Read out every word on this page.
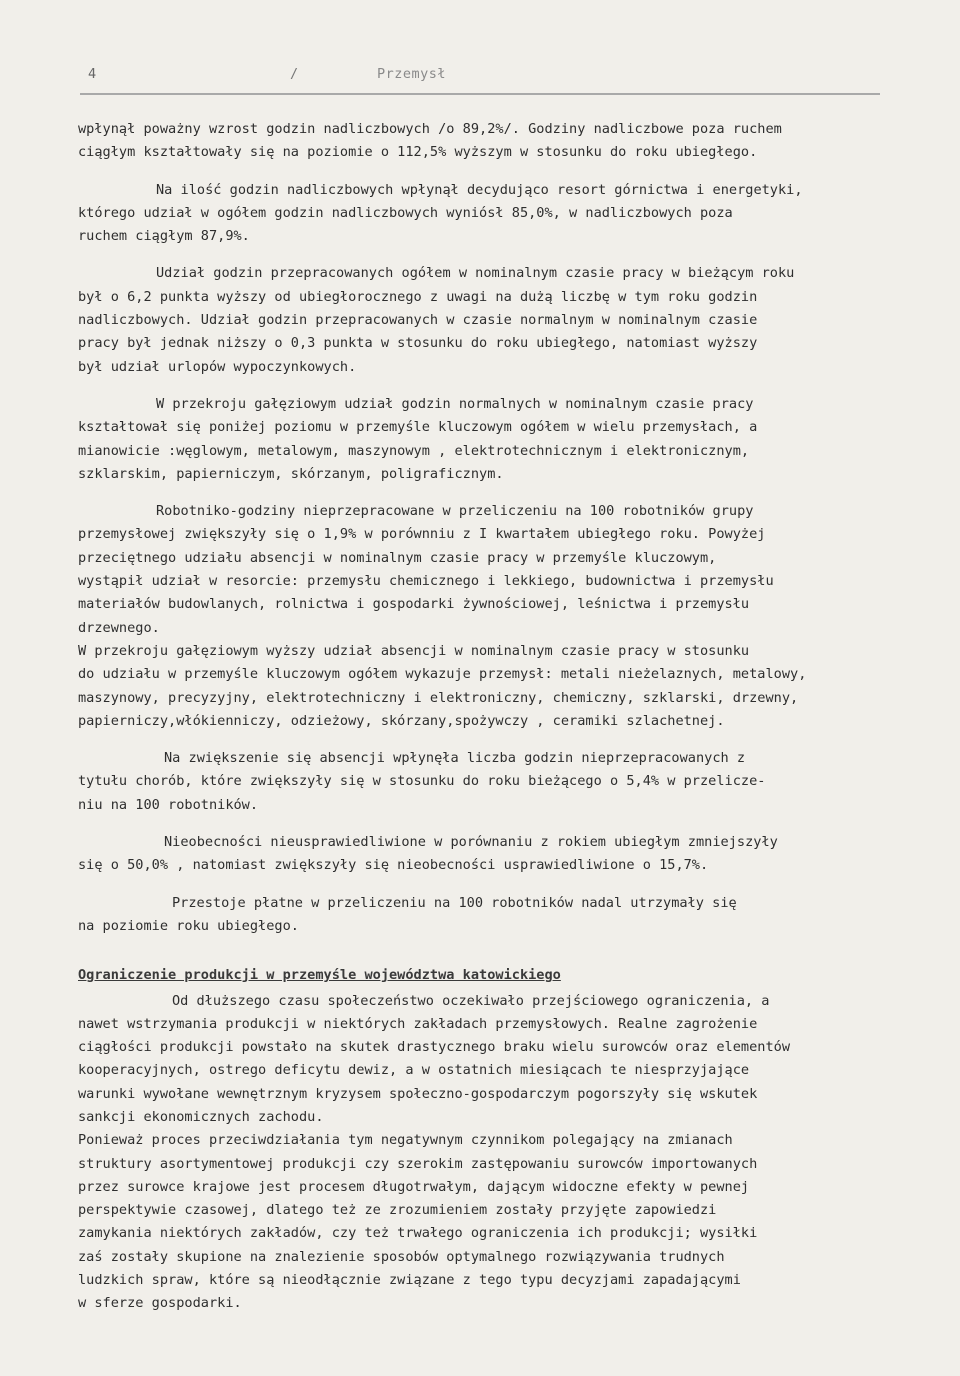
4	/	Przemysł
wpłynął poważny wzrost godzin nadliczbowych /o 89,2%/. Godziny nadliczbowe poza ruchem
ciągłym kształtowały się na poziomie o 112,5% wyższym w stosunku do roku ubiegłego.
Na ilość godzin nadliczbowych wpłynął decydująco resort górnictwa i energetyki,
którego udział w ogółem godzin nadliczbowych wyniósł 85,0%, w nadliczbowych poza
ruchem ciągłym 87,9%.
Udział godzin przepracowanych ogółem w nominalnym czasie pracy w bieżącym roku
był o 6,2 punkta wyższy od ubiegłorocznego z uwagi na dużą liczbę w tym roku godzin
nadliczbowych. Udział godzin przepracowanych w czasie normalnym w nominalnym czasie
pracy był jednak niższy o 0,3 punkta w stosunku do roku ubiegłego, natomiast wyższy
był udział urlopów wypoczynkowych.
W przekroju gałęziowym udział godzin normalnych w nominalnym czasie pracy
kształtował się poniżej poziomu w przemyśle kluczowym ogółem w wielu przemysłach, a
mianowicie :węglowym, metalowym, maszynowym , elektrotechnicznym i elektronicznym,
szklarskim, papierniczym, skórzanym, poligraficznym.
Robotniko-godziny nieprzepracowane w przeliczeniu na 100 robotników grupy
przemysłowej zwiększyły się o 1,9% w porównniu z I kwartałem ubiegłego roku. Powyżej
przeciętnego udziału absencji w nominalnym czasie pracy w przemyśle kluczowym,
wystąpił udział w resorcie: przemysłu chemicznego i lekkiego, budownictwa i przemysłu
materiałów budowlanych, rolnictwa i gospodarki żywnościowej, leśnictwa i przemysłu
drzewnego.
W przekroju gałęziowym wyższy udział absencji w nominalnym czasie pracy w stosunku
do udziału w przemyśle kluczowym ogółem wykazuje przemysł: metali nieżelaznych, metalowy,
maszynowy, precyzyjny, elektrotechniczny i elektroniczny, chemiczny, szklarski, drzewny,
papierniczy,włókienniczy, odzieżowy, skórzany,spożywczy , ceramiki szlachetnej.
Na zwiększenie się absencji wpłynęła liczba godzin nieprzepracowanych z
tytułu chorób, które zwiększyły się w stosunku do roku bieżącego o 5,4% w przelicze-
niu na 100 robotników.
Nieobecności nieusprawiedliwione w porównaniu z rokiem ubiegłym zmniejszyły
się o 50,0% , natomiast zwiększyły się nieobecności usprawiedliwione o 15,7%.
Przestoje płatne w przeliczeniu na 100 robotników nadal utrzymały się
na poziomie roku ubiegłego.
Ograniczenie produkcji w przemyśle województwa katowickiego
Od dłuższego czasu społeczeństwo oczekiwało przejściowego ograniczenia, a
nawet wstrzymania produkcji w niektórych zakładach przemysłowych. Realne zagrożenie
ciągłości produkcji powstało na skutek drastycznego braku wielu surowców oraz elementów
kooperacyjnych, ostrego deficytu dewiz, a w ostatnich miesiącach te niesprzyjające
warunki wywołane wewnętrznym kryzysem społeczno-gospodarczym pogorszyły się wskutek
sankcji ekonomicznych zachodu.
Ponieważ proces przeciwdziałania tym negatywnym czynnikom polegający na zmianach
struktury asortymentowej produkcji czy szerokim zastępowaniu surowców importowanych
przez surowce krajowe jest procesem długotrwałym, dającym widoczne efekty w pewnej
perspektywie czasowej, dlatego też ze zrozumieniem zostały przyjęte zapowiedzi
zamykania niektórych zakładów, czy też trwałego ograniczenia ich produkcji; wysiłki
zaś zostały skupione na znalezienie sposobów optymalnego rozwiązywania trudnych
ludzkich spraw, które są nieodłącznie związane z tego typu decyzjami zapadającymi
w sferze gospodarki.
